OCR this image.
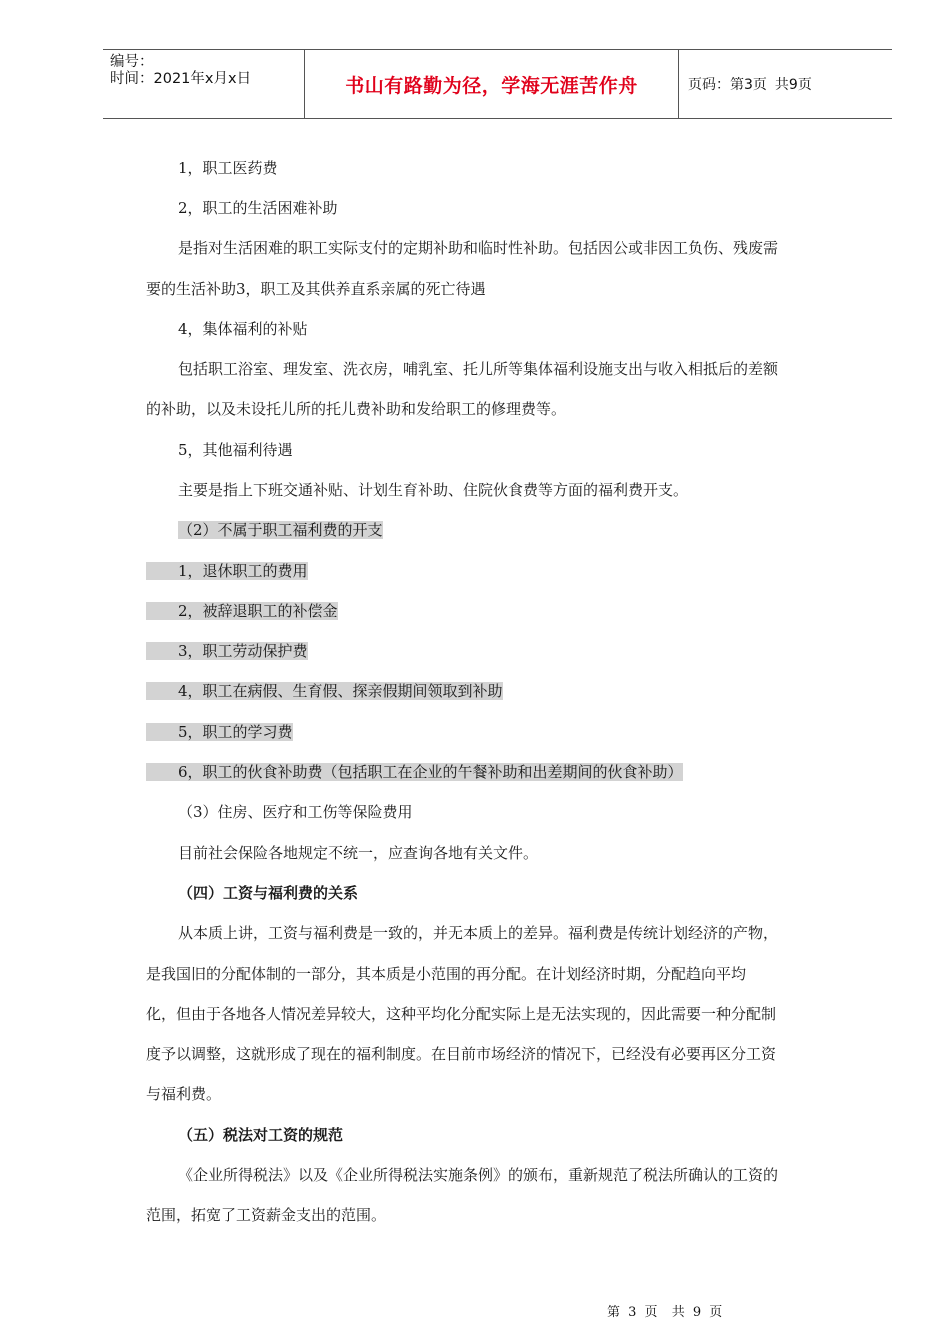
编号：
时间：2021年x月x日	书山有路勤为径，学海无涯苦作舟	页码：第3页 共9页
1，职工医药费
2，职工的生活困难补助
是指对生活困难的职工实际支付的定期补助和临时性补助。包括因公或非因工负伤、残废需
要的生活补助3，职工及其供养直系亲属的死亡待遇
4，集体福利的补贴
包括职工浴室、理发室、洗衣房，哺乳室、托儿所等集体福利设施支出与收入相抵后的差额
的补助，以及未设托儿所的托儿费补助和发给职工的修理费等。
5，其他福利待遇
主要是指上下班交通补贴、计划生育补助、住院伙食费等方面的福利费开支。
（2）不属于职工福利费的开支
1，退休职工的费用
2，被辞退职工的补偿金
3，职工劳动保护费
4，职工在病假、生育假、探亲假期间领取到补助
5，职工的学习费
6，职工的伙食补助费（包括职工在企业的午餐补助和出差期间的伙食补助）
（3）住房、医疗和工伤等保险费用
目前社会保险各地规定不统一，应查询各地有关文件。
（四）工资与福利费的关系
从本质上讲，工资与福利费是一致的，并无本质上的差异。福利费是传统计划经济的产物，
是我国旧的分配体制的一部分，其本质是小范围的再分配。在计划经济时期，分配趋向平均
化，但由于各地各人情况差异较大，这种平均化分配实际上是无法实现的，因此需要一种分配制
度予以调整，这就形成了现在的福利制度。在目前市场经济的情况下，已经没有必要再区分工资
与福利费。
（五）税法对工资的规范
《企业所得税法》以及《企业所得税法实施条例》的颁布，重新规范了税法所确认的工资的
范围，拓宽了工资薪金支出的范围。
第 3 页 共 9 页
